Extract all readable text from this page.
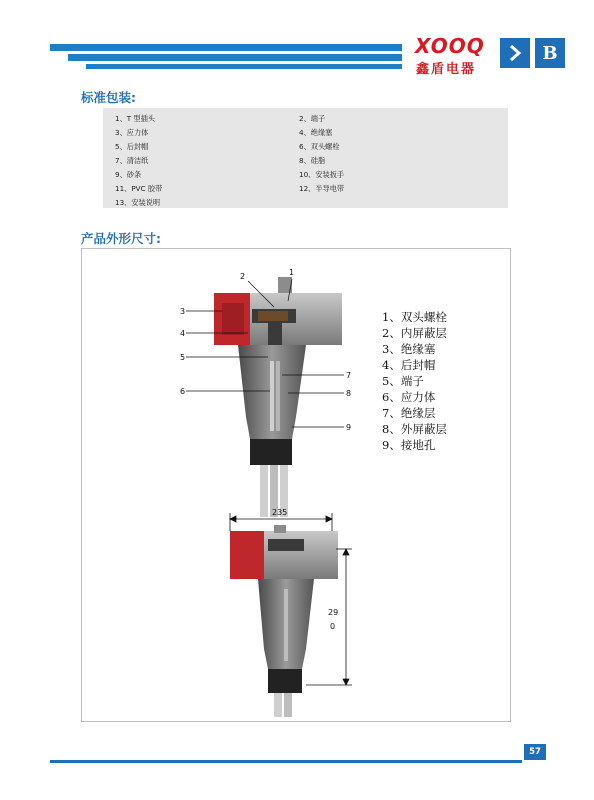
XOOQ
鑫盾电器
B
标准包装:
1、T 型插头
3、应力体
5、后封帽
7、清洁纸
9、砂条
11、PVC 胶带
13、安装说明
2、端子
4、绝缘塞
6、双头螺栓
8、硅脂
10、安装扳手
12、半导电带
产品外形尺寸:
2	1
3
4
5
6
7
8
9
235
29
0
1、双头螺栓
2、内屏蔽层
3、绝缘塞
4、后封帽
5、端子
6、应力体
7、绝缘层
8、外屏蔽层
9、接地孔
57
